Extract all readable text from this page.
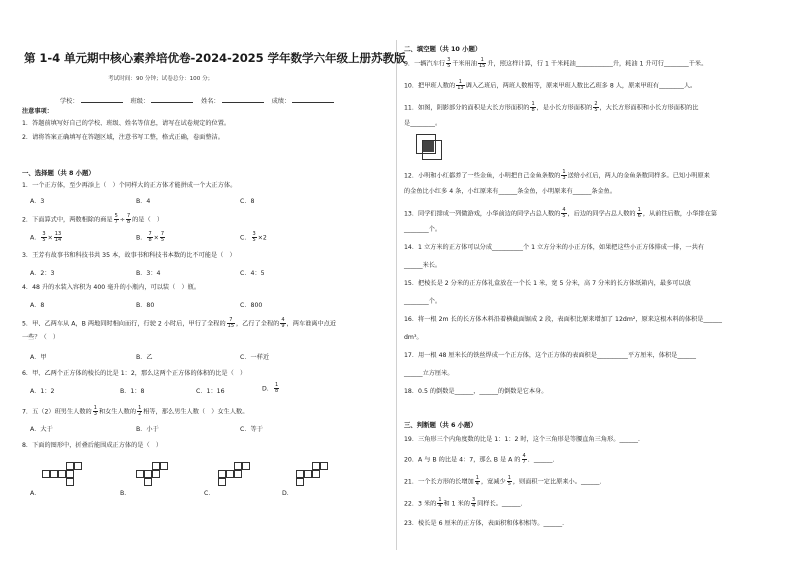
第 1-4 单元期中核心素养培优卷-2024-2025 学年数学六年级上册苏教版
考试时间：90 分钟；试卷总分：100 分；
学校：	班级：	姓名：	成绩：
注意事项：
1．答题前填写好自己的学校、班级、姓名等信息，请写在试卷规定的位置。
2．请将答案正确填写在答题区域，注意书写工整，格式正确，卷面整洁。
一、选择题（共 8 小题）
1．一个正方体，至少再添上（　）个同样大的正方体才能拼成一个大正方体。
A．3	B．4	C．8
2．下面算式中，两数相除的商是 $\frac{5}{7} \div \frac{7}{8}$ 的是（　）
A． $\frac{3}{5} \times \frac{13}{14}$	B． $\frac{7}{8} \times \frac{7}{5}$	C． $\frac{3}{5} \times 2$
3．王芳有故事书和科技书共 35 本，故事书和科技书本数的比不可能是（　）
A．2：3	B．3：4	C．4：5
4．48 升的水装入容积为 400 毫升的小瓶内，可以装（　）瓶。
A．8	B．80	C．800
5．甲、乙两车从 A，B 两地同时相向而行，行驶 2 小时后，甲行了全程的 $\frac{7}{15}$ ，乙行了全程的 $\frac{4}{9}$ ，两车谁离中点近
一些？（　）
A．甲	B．乙	C．一样近
6．甲、乙两个正方体的棱长的比是 1：2，那么这两个正方体的体积的比是（　）
A．1：2	B．1：8	C．1：16	D． $\frac{1}{8}$
7．五（2）班男生人数的 $\frac{1}{3}$ 和女生人数的 $\frac{1}{2}$ 相等，那么男生人数（　）女生人数。
A．大于	B．小于	C．等于
8．下面的图形中，折叠后能围成正方体的是（　）
A．	B．	C．	D．
二、填空题（共 10 小题）
9．一辆汽车行 $\frac{3}{5}$ 千米用油 $\frac{1}{15}$ 升，照这样计算，行 1 千米耗油____________升，耗油 1 升可行________千米。
10．把甲班人数的 $\frac{1}{13}$ 调入乙班后，两班人数相等，原来甲班人数比乙班多 8 人，原来甲班有________人。
11．如图，阴影部分的面积是大长方形面积的 $\frac{1}{8}$ ，是小长方形面积的 $\frac{2}{5}$ ，大长方形面积和小长方形面积的比
是________。
12．小明和小红都养了一些金鱼，小明把自己金鱼条数的 $\frac{1}{3}$ 送给小红后，两人的金鱼条数同样多。已知小明原来
的金鱼比小红多 4 条，小红原来有______条金鱼，小明原来有______条金鱼。
13．同学们排成一列做游戏，小华前边的同学占总人数的 $\frac{4}{5}$ ，后边的同学占总人数的 $\frac{1}{6}$ ，从前往后数，小华排在第
________个。
14．1 立方米的正方体可以分成__________个 1 立方分米的小正方体，如果把这些小正方体排成一排，一共有
______米长。
15．把棱长是 2 分米的正方体礼盒放在一个长 1 米，宽 5 分米，高 7 分米的长方体纸箱内，最多可以放
________个。
16．将一根 2m 长的长方体木料沿着横截面锯成 2 段，表面积比原来增加了 12dm²，原来这根木料的体积是______
dm³。
17．用一根 48 厘米长的铁丝焊成一个正方体，这个正方体的表面积是__________平方厘米，体积是______
______立方厘米。
18．0.5 的倒数是______，______的倒数是它本身。
三、判断题（共 6 小题）
19．三角形三个内角度数的比是 1：1：2 时，这个三角形是等腰直角三角形。______．
20．A 与 B 的比是 4：7，那么 B 是 A 的 $\frac{4}{7}$ ．______．
21．一个长方形的长增加 $\frac{1}{4}$ ，宽减少 $\frac{1}{5}$ ，则面积一定比原来小。______．
22．3 米的 $\frac{1}{4}$ 和 1 米的 $\frac{3}{4}$ 同样长。______．
23．棱长是 6 厘米的正方体，表面积和体积相等。______．
